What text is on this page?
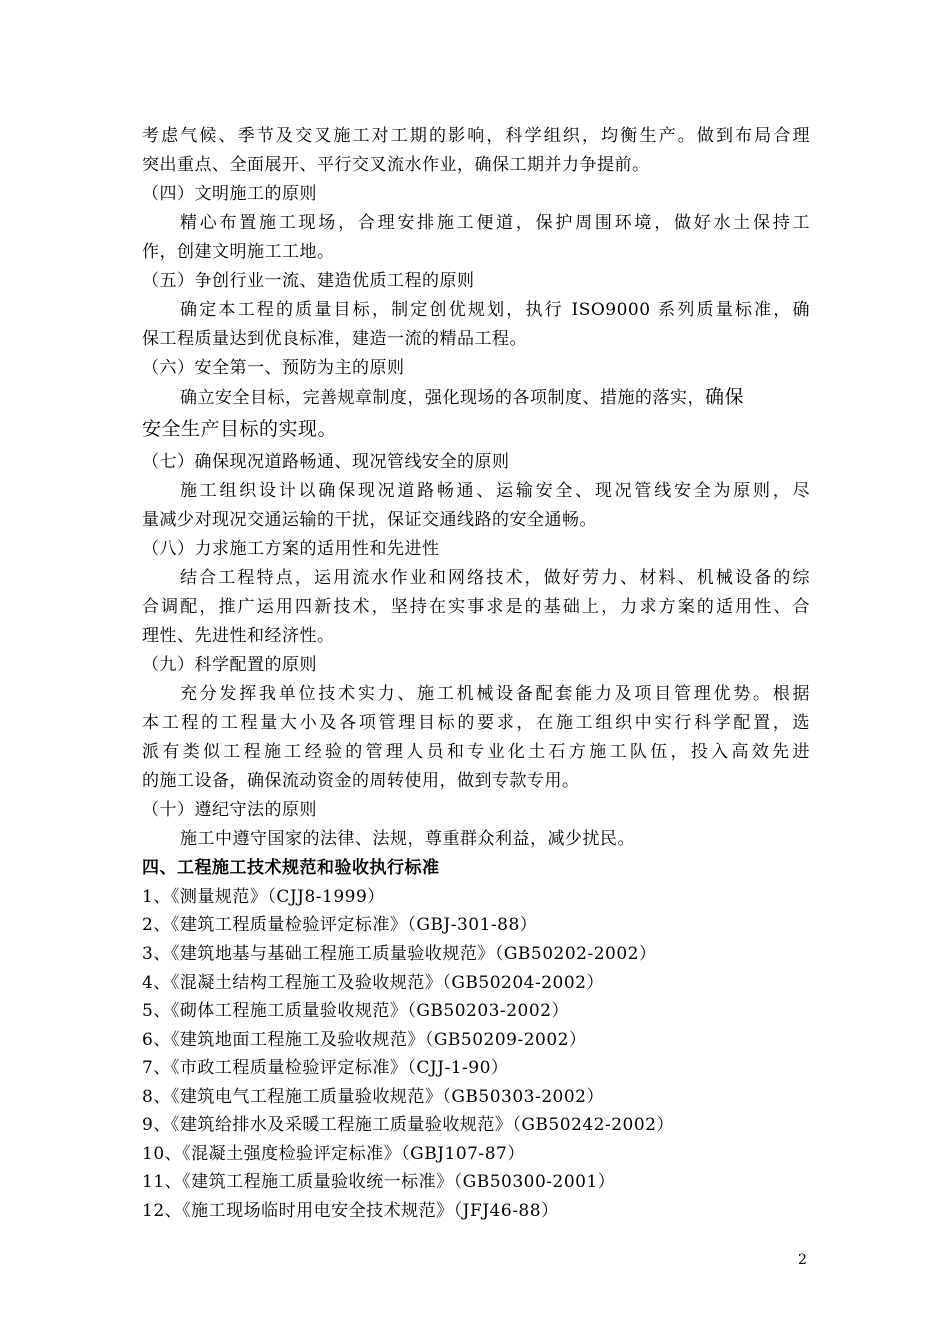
考虑气候、季节及交叉施工对工期的影响，科学组织，均衡生产。做到布局合理

突出重点、全面展开、平行交叉流水作业，确保工期并力争提前。

（四）文明施工的原则

精心布置施工现场，合理安排施工便道，保护周围环境，做好水土保持工

作，创建文明施工工地。

（五）争创行业一流、建造优质工程的原则

确定本工程的质量目标，制定创优规划，执行 ISO9000 系列质量标准，确

保工程质量达到优良标准，建造一流的精品工程。

（六）安全第一、预防为主的原则

确立安全目标，完善规章制度，强化现场的各项制度、措施的落实，确保

安全生产目标的实现。

（七）确保现况道路畅通、现况管线安全的原则

施工组织设计以确保现况道路畅通、运输安全、现况管线安全为原则，尽

量减少对现况交通运输的干扰，保证交通线路的安全通畅。

（八）力求施工方案的适用性和先进性

结合工程特点，运用流水作业和网络技术，做好劳力、材料、机械设备的综

合调配，推广运用四新技术，坚持在实事求是的基础上，力求方案的适用性、合

理性、先进性和经济性。

（九）科学配置的原则

充分发挥我单位技术实力、施工机械设备配套能力及项目管理优势。根据

本工程的工程量大小及各项管理目标的要求，在施工组织中实行科学配置，选

派有类似工程施工经验的管理人员和专业化土石方施工队伍，投入高效先进

的施工设备，确保流动资金的周转使用，做到专款专用。

（十）遵纪守法的原则

施工中遵守国家的法律、法规，尊重群众利益，减少扰民。

四、工程施工技术规范和验收执行标准

1、《测量规范》（CJJ8-1999）

2、《建筑工程质量检验评定标准》（GBJ-301-88）

3、《建筑地基与基础工程施工质量验收规范》（GB50202-2002）

4、《混凝土结构工程施工及验收规范》（GB50204-2002）

5、《砌体工程施工质量验收规范》（GB50203-2002）

6、《建筑地面工程施工及验收规范》（GB50209-2002）

7、《市政工程质量检验评定标准》（CJJ-1-90）

8、《建筑电气工程施工质量验收规范》（GB50303-2002）

9、《建筑给排水及采暖工程施工质量验收规范》（GB50242-2002）

10、《混凝土强度检验评定标准》（GBJ107-87）

11、《建筑工程施工质量验收统一标准》（GB50300-2001）

12、《施工现场临时用电安全技术规范》（JFJ46-88）

2
